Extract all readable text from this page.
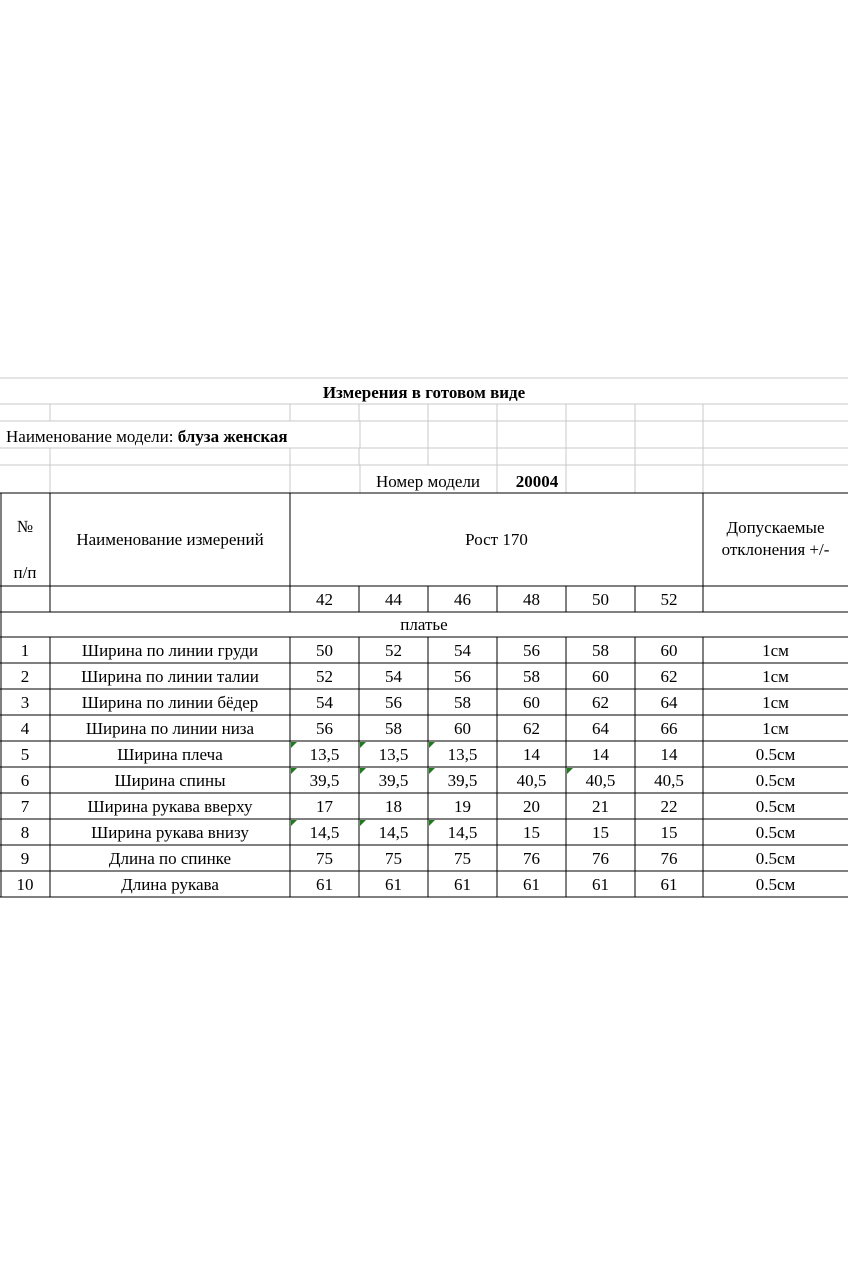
Измерения в готовом виде
Наименование модели:
блуза женская
Номер модели	20004
№
п/п
Наименование измерений	Рост 170
Допускаемые
отклонения +/-
платье
42	44	46	48	50	52
1	Ширина по линии груди	50	52	54	56	58	60	1см
2	Ширина по линии талии	52	54	56	58	60	62	1см
3	Ширина по линии бёдер	54	56	58	60	62	64	1см
4	Ширина по линии низа	56	58	60	62	64	66	1см
5	Ширина плеча	13,5	13,5	13,5	14	14	14	0.5см
6	Ширина спины	39,5	39,5	39,5	40,5	40,5	40,5	0.5см
7	Ширина рукава вверху	17	18	19	20	21	22	0.5см
8	Ширина рукава внизу	14,5	14,5	14,5	15	15	15	0.5см
9	Длина по спинке	75	75	75	76	76	76	0.5см
10	Длина рукава	61	61	61	61	61	61	0.5см
